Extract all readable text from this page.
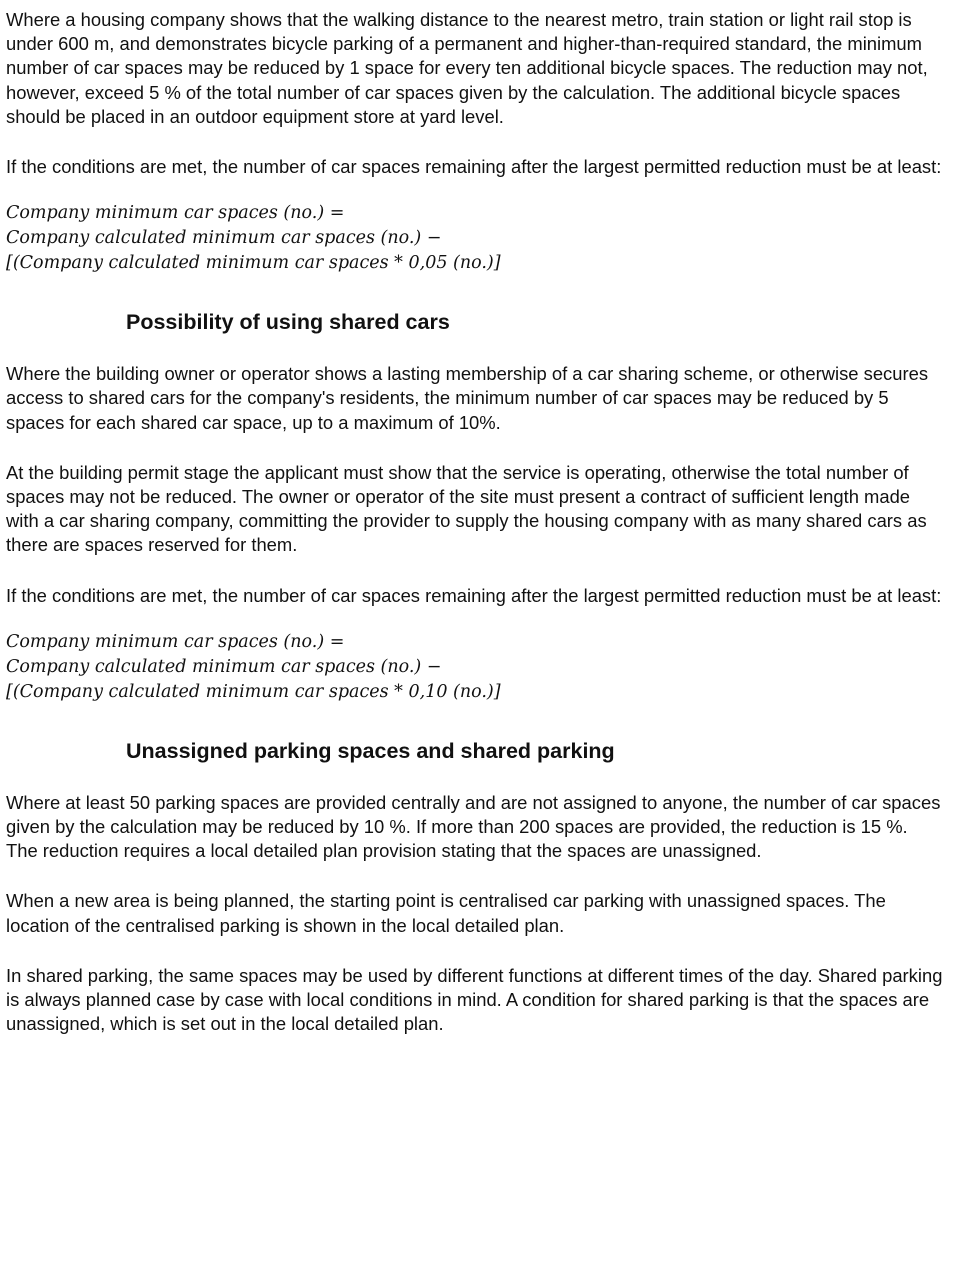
Where a housing company shows that the walking distance to the nearest metro, train station or light rail stop is under 600 m, and demonstrates bicycle parking of a permanent and higher-than-required standard, the minimum number of car spaces may be reduced by 1 space for every ten additional bicycle spaces. The reduction may not, however, exceed 5 % of the total number of car spaces given by the calculation. The additional bicycle spaces should be placed in an outdoor equipment store at yard level.

If the conditions are met, the number of car spaces remaining after the largest permitted reduction must be at least:

Company minimum car spaces (no.) =
Company calculated minimum car spaces (no.) −
[(Company calculated minimum car spaces * 0,05 (no.)]
Possibility of using shared cars

Where the building owner or operator shows a lasting membership of a car sharing scheme, or otherwise secures access to shared cars for the company's residents, the minimum number of car spaces may be reduced by 5 spaces for each shared car space, up to a maximum of 10%.

At the building permit stage the applicant must show that the service is operating, otherwise the total number of spaces may not be reduced. The owner or operator of the site must present a contract of sufficient length made with a car sharing company, committing the provider to supply the housing company with as many shared cars as there are spaces reserved for them.

If the conditions are met, the number of car spaces remaining after the largest permitted reduction must be at least:

Company minimum car spaces (no.) =
Company calculated minimum car spaces (no.) −
[(Company calculated minimum car spaces * 0,10 (no.)]
Unassigned parking spaces and shared parking

Where at least 50 parking spaces are provided centrally and are not assigned to anyone, the number of car spaces given by the calculation may be reduced by 10 %. If more than 200 spaces are provided, the reduction is 15 %. The reduction requires a local detailed plan provision stating that the spaces are unassigned.

When a new area is being planned, the starting point is centralised car parking with unassigned spaces. The location of the centralised parking is shown in the local detailed plan.

In shared parking, the same spaces may be used by different functions at different times of the day. Shared parking is always planned case by case with local conditions in mind. A condition for shared parking is that the spaces are unassigned, which is set out in the local detailed plan.
